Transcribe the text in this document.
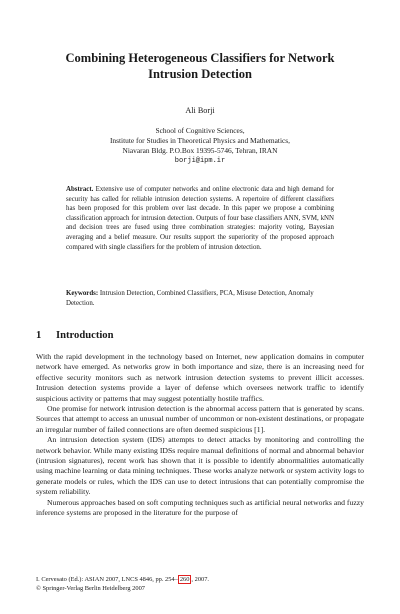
Combining Heterogeneous Classifiers for Network
Intrusion Detection
Ali Borji
School of Cognitive Sciences,
Institute for Studies in Theoretical Physics and Mathematics,
Niavaran Bldg. P.O.Box 19395-5746, Tehran, IRAN
borji@ipm.ir
Abstract. Extensive use of computer networks and online electronic data and high demand for security has called for reliable intrusion detection systems. A repertoire of different classifiers has been proposed for this problem over last decade. In this paper we propose a combining classification approach for intrusion detection. Outputs of four base classifiers ANN, SVM, kNN and decision trees are fused using three combination strategies: majority voting, Bayesian averaging and a belief measure. Our results support the superiority of the proposed approach compared with single classifiers for the problem of intrusion detection.
Keywords: Intrusion Detection, Combined Classifiers, PCA, Misuse Detection, Anomaly Detection.
1 Introduction

With the rapid development in the technology based on Internet, new application domains in computer network have emerged. As networks grow in both importance and size, there is an increasing need for effective security monitors such as network intrusion detection systems to prevent illicit accesses. Intrusion detection systems provide a layer of defense which oversees network traffic to identify suspicious activity or patterns that may suggest potentially hostile traffics.

One promise for network intrusion detection is the abnormal access pattern that is generated by scans. Sources that attempt to access an unusual number of uncommon or non-existent destinations, or propagate an irregular number of failed connections are often deemed suspicious [1].

An intrusion detection system (IDS) attempts to detect attacks by monitoring and controlling the network behavior. While many existing IDSs require manual definitions of normal and abnormal behavior (intrusion signatures), recent work has shown that it is possible to identify abnormalities automatically using machine learning or data mining techniques. These works analyze network or system activity logs to generate models or rules, which the IDS can use to detect intrusions that can potentially compromise the system reliability.

Numerous approaches based on soft computing techniques such as artificial neural networks and fuzzy inference systems are proposed in the literature for the purpose of

I. Cervesato (Ed.): ASIAN 2007, LNCS 4846, pp. 254– 260 , 2007.
© Springer-Verlag Berlin Heidelberg 2007
